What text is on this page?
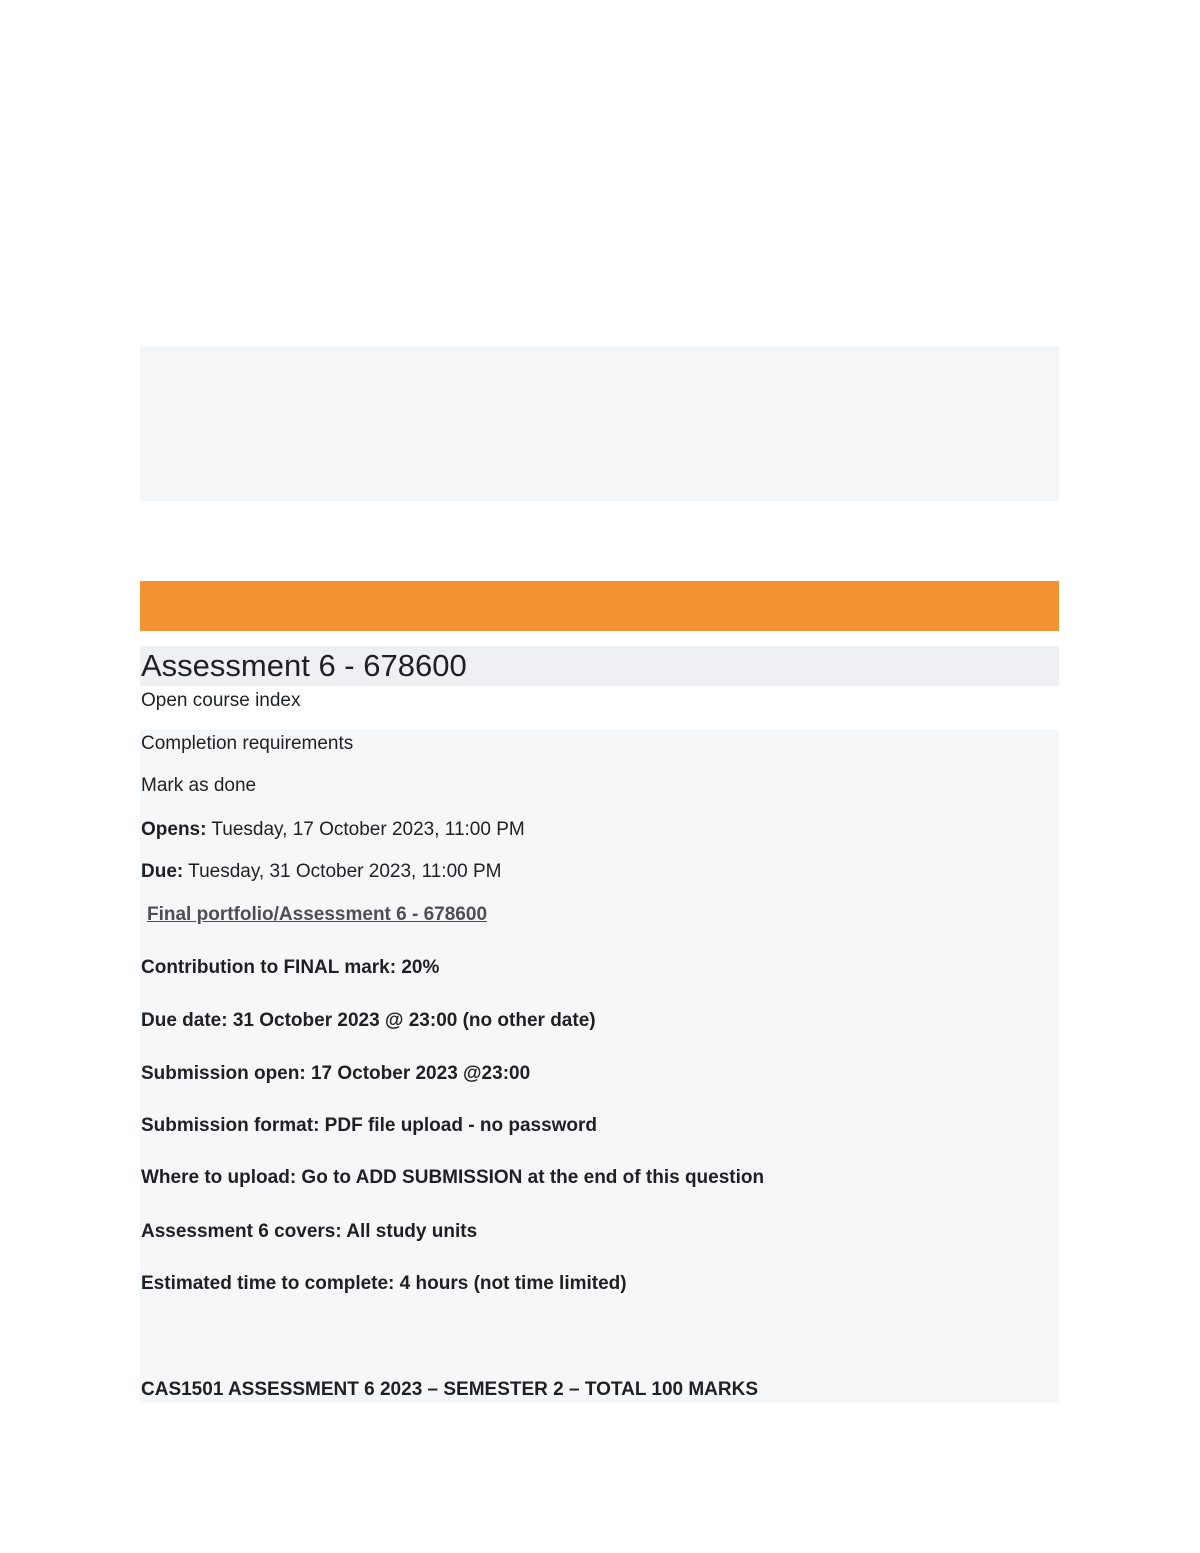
Assessment 6 - 678600
Open course index
Completion requirements
Mark as done
Opens: Tuesday, 17 October 2023, 11:00 PM
Due: Tuesday, 31 October 2023, 11:00 PM
Final portfolio/Assessment 6 - 678600
Contribution to FINAL mark: 20%
Due date: 31 October 2023 @ 23:00 (no other date)
Submission open: 17 October 2023 @23:00
Submission format: PDF file upload - no password
Where to upload: Go to ADD SUBMISSION at the end of this question
Assessment 6 covers: All study units
Estimated time to complete: 4 hours (not time limited)
CAS1501 ASSESSMENT 6 2023 – SEMESTER 2 – TOTAL 100 MARKS
